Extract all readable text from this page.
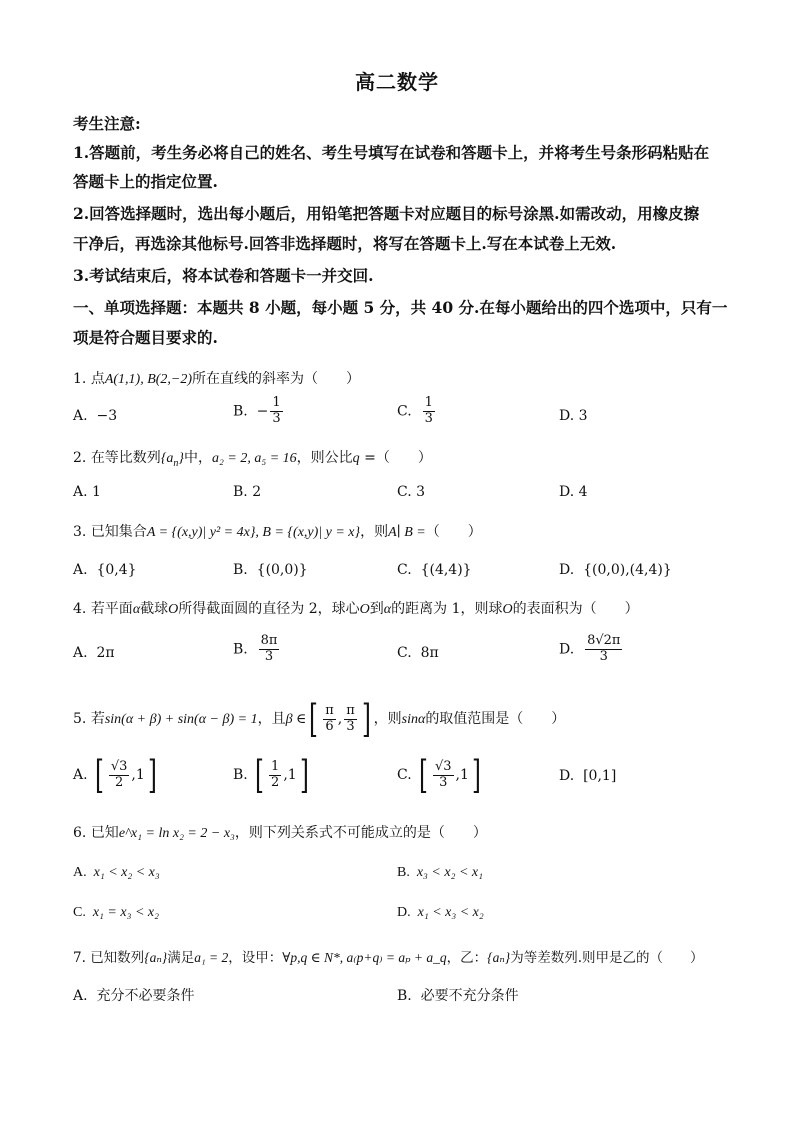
高二数学
考生注意:
1.答题前，考生务必将自己的姓名、考生号填写在试卷和答题卡上，并将考生号条形码粘贴在
答题卡上的指定位置.
2.回答选择题时，选出每小题后，用铅笔把答题卡对应题目的标号涂黑.如需改动，用橡皮擦
干净后，再选涂其他标号.回答非选择题时，将写在答题卡上.写在本试卷上无效.
3.考试结束后，将本试卷和答题卡一并交回.
一、单项选择题：本题共 8 小题，每小题 5 分，共 40 分.在每小题给出的四个选项中，只有一
项是符合题目要求的.
1. 点A(1,1), B(2,−2)所在直线的斜率为（　　）
A. −3	B. − $\frac{1}{3}$	C. $\frac{1}{3}$	D. 3
2. 在等比数列$\{a_n\}$中，a₂ = 2, a₅ = 16，则公比q =（　　）
A. 1	B. 2	C. 3	D. 4
3. 已知集合A = {(x,y)| y² = 4x}, B = {(x,y)| y = x}，则A∣ B =（　　）
A. {0,4}	B. {(0,0)}	C. {(4,4)}	D. {(0,0),(4,4)}
4. 若平面α截球O所得截面圆的直径为 2，球心O到α的距离为 1，则球O的表面积为（　　）
A. 2π	B. $\frac{8\pi}{3}$	C. 8π	D. $\frac{8√2\pi}{3}$
5. 若sin(α + β) + sin(α − β) = 1，且β ∈ [ $\frac{\pi}{6}$ , $\frac{\pi}{3}$ ] ，则sinα的取值范围是（　　）
A. [ $\frac{√3}{2} ,1$ ]	B. [ $\frac{1}{2} ,1$ ]	C. [ $\frac{√3}{3} ,1$ ]	D. [0,1]
6. 已知e^x₁ = ln x₂ = 2 − x₃，则下列关系式不可能成立的是（　　）
A. x₁ < x₂ < x₃	B. x₃ < x₂ < x₁
C. x₁ = x₃ < x₂	D. x₁ < x₃ < x₂
7. 已知数列{aₙ}满足a₁ = 2，设甲：∀p,q ∈ N*, a₍p+q₎ = aₚ + a_q，乙：{aₙ}为等差数列.则甲是乙的（　　）
A. 充分不必要条件	B. 必要不充分条件
